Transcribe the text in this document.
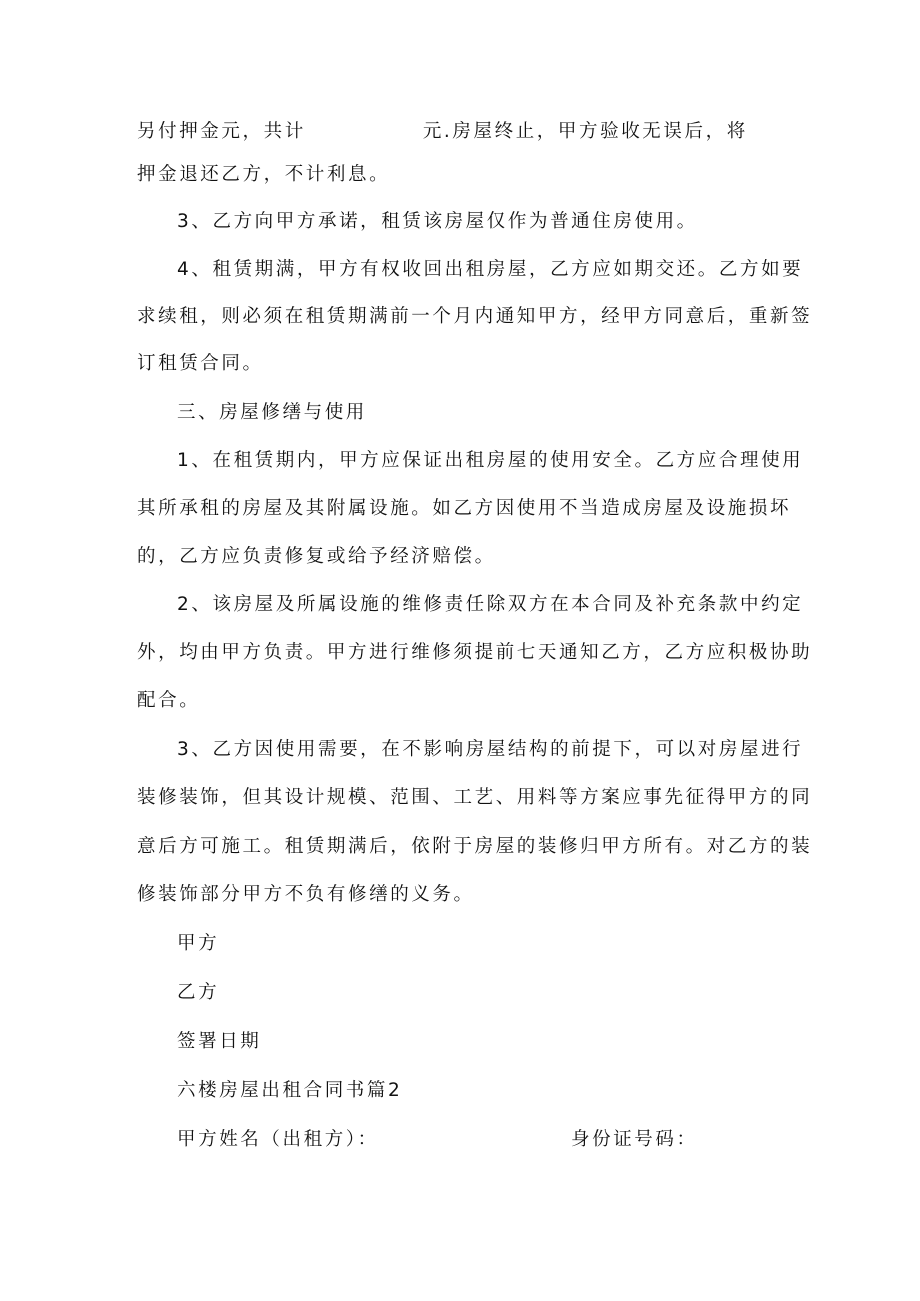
另付押金元，共计	元.房屋终止，甲方验收无误后，将
押金退还乙方，不计利息。
3、乙方向甲方承诺，租赁该房屋仅作为普通住房使用。
4、租赁期满，甲方有权收回出租房屋，乙方应如期交还。乙方如要
求续租，则必须在租赁期满前一个月内通知甲方，经甲方同意后，重新签
订租赁合同。
三、房屋修缮与使用
1、在租赁期内，甲方应保证出租房屋的使用安全。乙方应合理使用
其所承租的房屋及其附属设施。如乙方因使用不当造成房屋及设施损坏
的，乙方应负责修复或给予经济赔偿。
2、该房屋及所属设施的维修责任除双方在本合同及补充条款中约定
外，均由甲方负责。甲方进行维修须提前七天通知乙方，乙方应积极协助
配合。
3、乙方因使用需要，在不影响房屋结构的前提下，可以对房屋进行
装修装饰，但其设计规模、范围、工艺、用料等方案应事先征得甲方的同
意后方可施工。租赁期满后，依附于房屋的装修归甲方所有。对乙方的装
修装饰部分甲方不负有修缮的义务。
甲方
乙方
签署日期
六楼房屋出租合同书篇2
甲方姓名（出租方）：	身份证号码：
